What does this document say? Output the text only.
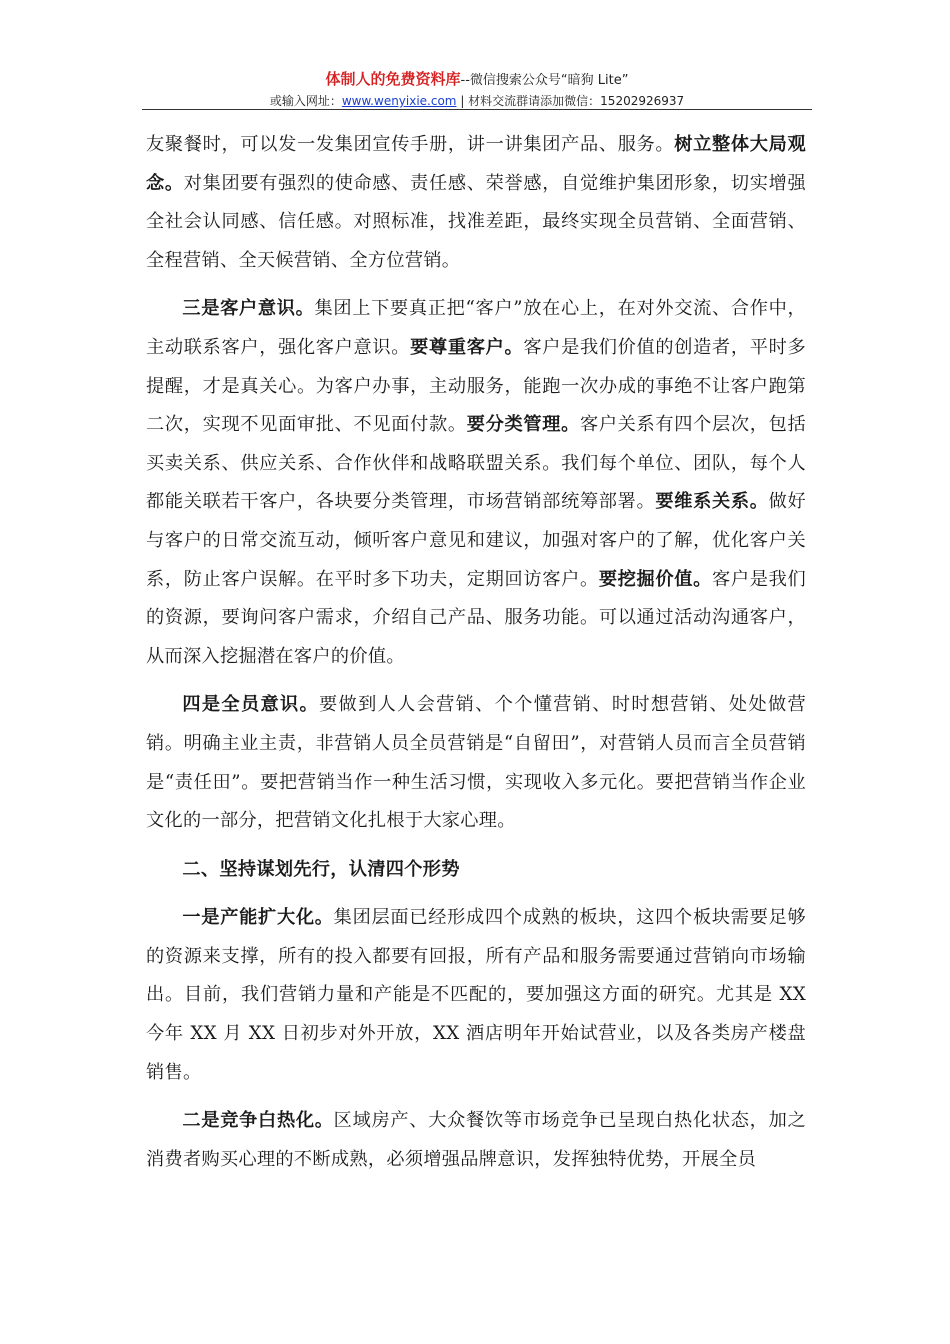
体制人的免费资料库--微信搜索公众号“暗狗 Lite”
或输入网址：www.wenyixie.com | 材料交流群请添加微信：15202926937

友聚餐时，可以发一发集团宣传手册，讲一讲集团产品、服务。树立整体大局观念。对集团要有强烈的使命感、责任感、荣誉感，自觉维护集团形象，切实增强全社会认同感、信任感。对照标准，找准差距，最终实现全员营销、全面营销、全程营销、全天候营销、全方位营销。

三是客户意识。集团上下要真正把“客户”放在心上，在对外交流、合作中，主动联系客户，强化客户意识。要尊重客户。客户是我们价值的创造者，平时多提醒，才是真关心。为客户办事，主动服务，能跑一次办成的事绝不让客户跑第二次，实现不见面审批、不见面付款。要分类管理。客户关系有四个层次，包括买卖关系、供应关系、合作伙伴和战略联盟关系。我们每个单位、团队，每个人都能关联若干客户，各块要分类管理，市场营销部统筹部署。要维系关系。做好与客户的日常交流互动，倾听客户意见和建议，加强对客户的了解，优化客户关系，防止客户误解。在平时多下功夫，定期回访客户。要挖掘价值。客户是我们的资源，要询问客户需求，介绍自己产品、服务功能。可以通过活动沟通客户，从而深入挖掘潜在客户的价值。

四是全员意识。要做到人人会营销、个个懂营销、时时想营销、处处做营销。明确主业主责，非营销人员全员营销是“自留田”，对营销人员而言全员营销是“责任田”。要把营销当作一种生活习惯，实现收入多元化。要把营销当作企业文化的一部分，把营销文化扎根于大家心理。

二、坚持谋划先行，认清四个形势

一是产能扩大化。集团层面已经形成四个成熟的板块，这四个板块需要足够的资源来支撑，所有的投入都要有回报，所有产品和服务需要通过营销向市场输出。目前，我们营销力量和产能是不匹配的，要加强这方面的研究。尤其是 XX 今年 XX 月 XX 日初步对外开放，XX 酒店明年开始试营业，以及各类房产楼盘销售。

二是竞争白热化。区域房产、大众餐饮等市场竞争已呈现白热化状态，加之消费者购买心理的不断成熟，必须增强品牌意识，发挥独特优势，开展全员
